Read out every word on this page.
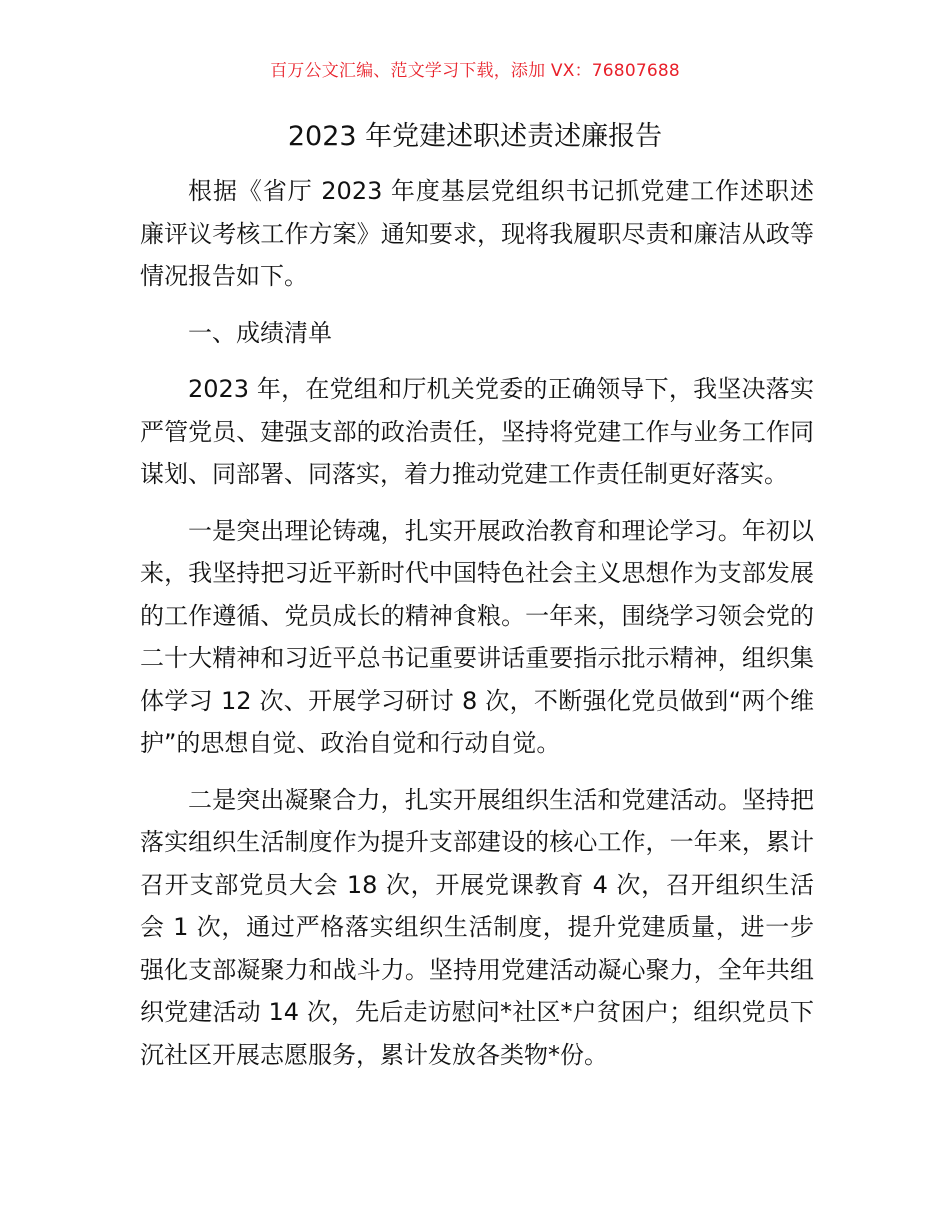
百万公文汇编、范文学习下载，添加 VX：76807688
2023 年党建述职述责述廉报告

根据《省厅 2023 年度基层党组织书记抓党建工作述职述廉评议考核工作方案》通知要求，现将我履职尽责和廉洁从政等情况报告如下。

一、成绩清单

2023 年，在党组和厅机关党委的正确领导下，我坚决落实严管党员、建强支部的政治责任，坚持将党建工作与业务工作同谋划、同部署、同落实，着力推动党建工作责任制更好落实。

一是突出理论铸魂，扎实开展政治教育和理论学习。年初以来，我坚持把习近平新时代中国特色社会主义思想作为支部发展的工作遵循、党员成长的精神食粮。一年来，围绕学习领会党的二十大精神和习近平总书记重要讲话重要指示批示精神，组织集体学习 12 次、开展学习研讨 8 次，不断强化党员做到“两个维护”的思想自觉、政治自觉和行动自觉。

二是突出凝聚合力，扎实开展组织生活和党建活动。坚持把落实组织生活制度作为提升支部建设的核心工作，一年来，累计召开支部党员大会 18 次，开展党课教育 4 次，召开组织生活会 1 次，通过严格落实组织生活制度，提升党建质量，进一步强化支部凝聚力和战斗力。坚持用党建活动凝心聚力，全年共组织党建活动 14 次，先后走访慰问*社区*户贫困户；组织党员下沉社区开展志愿服务，累计发放各类物*份。
